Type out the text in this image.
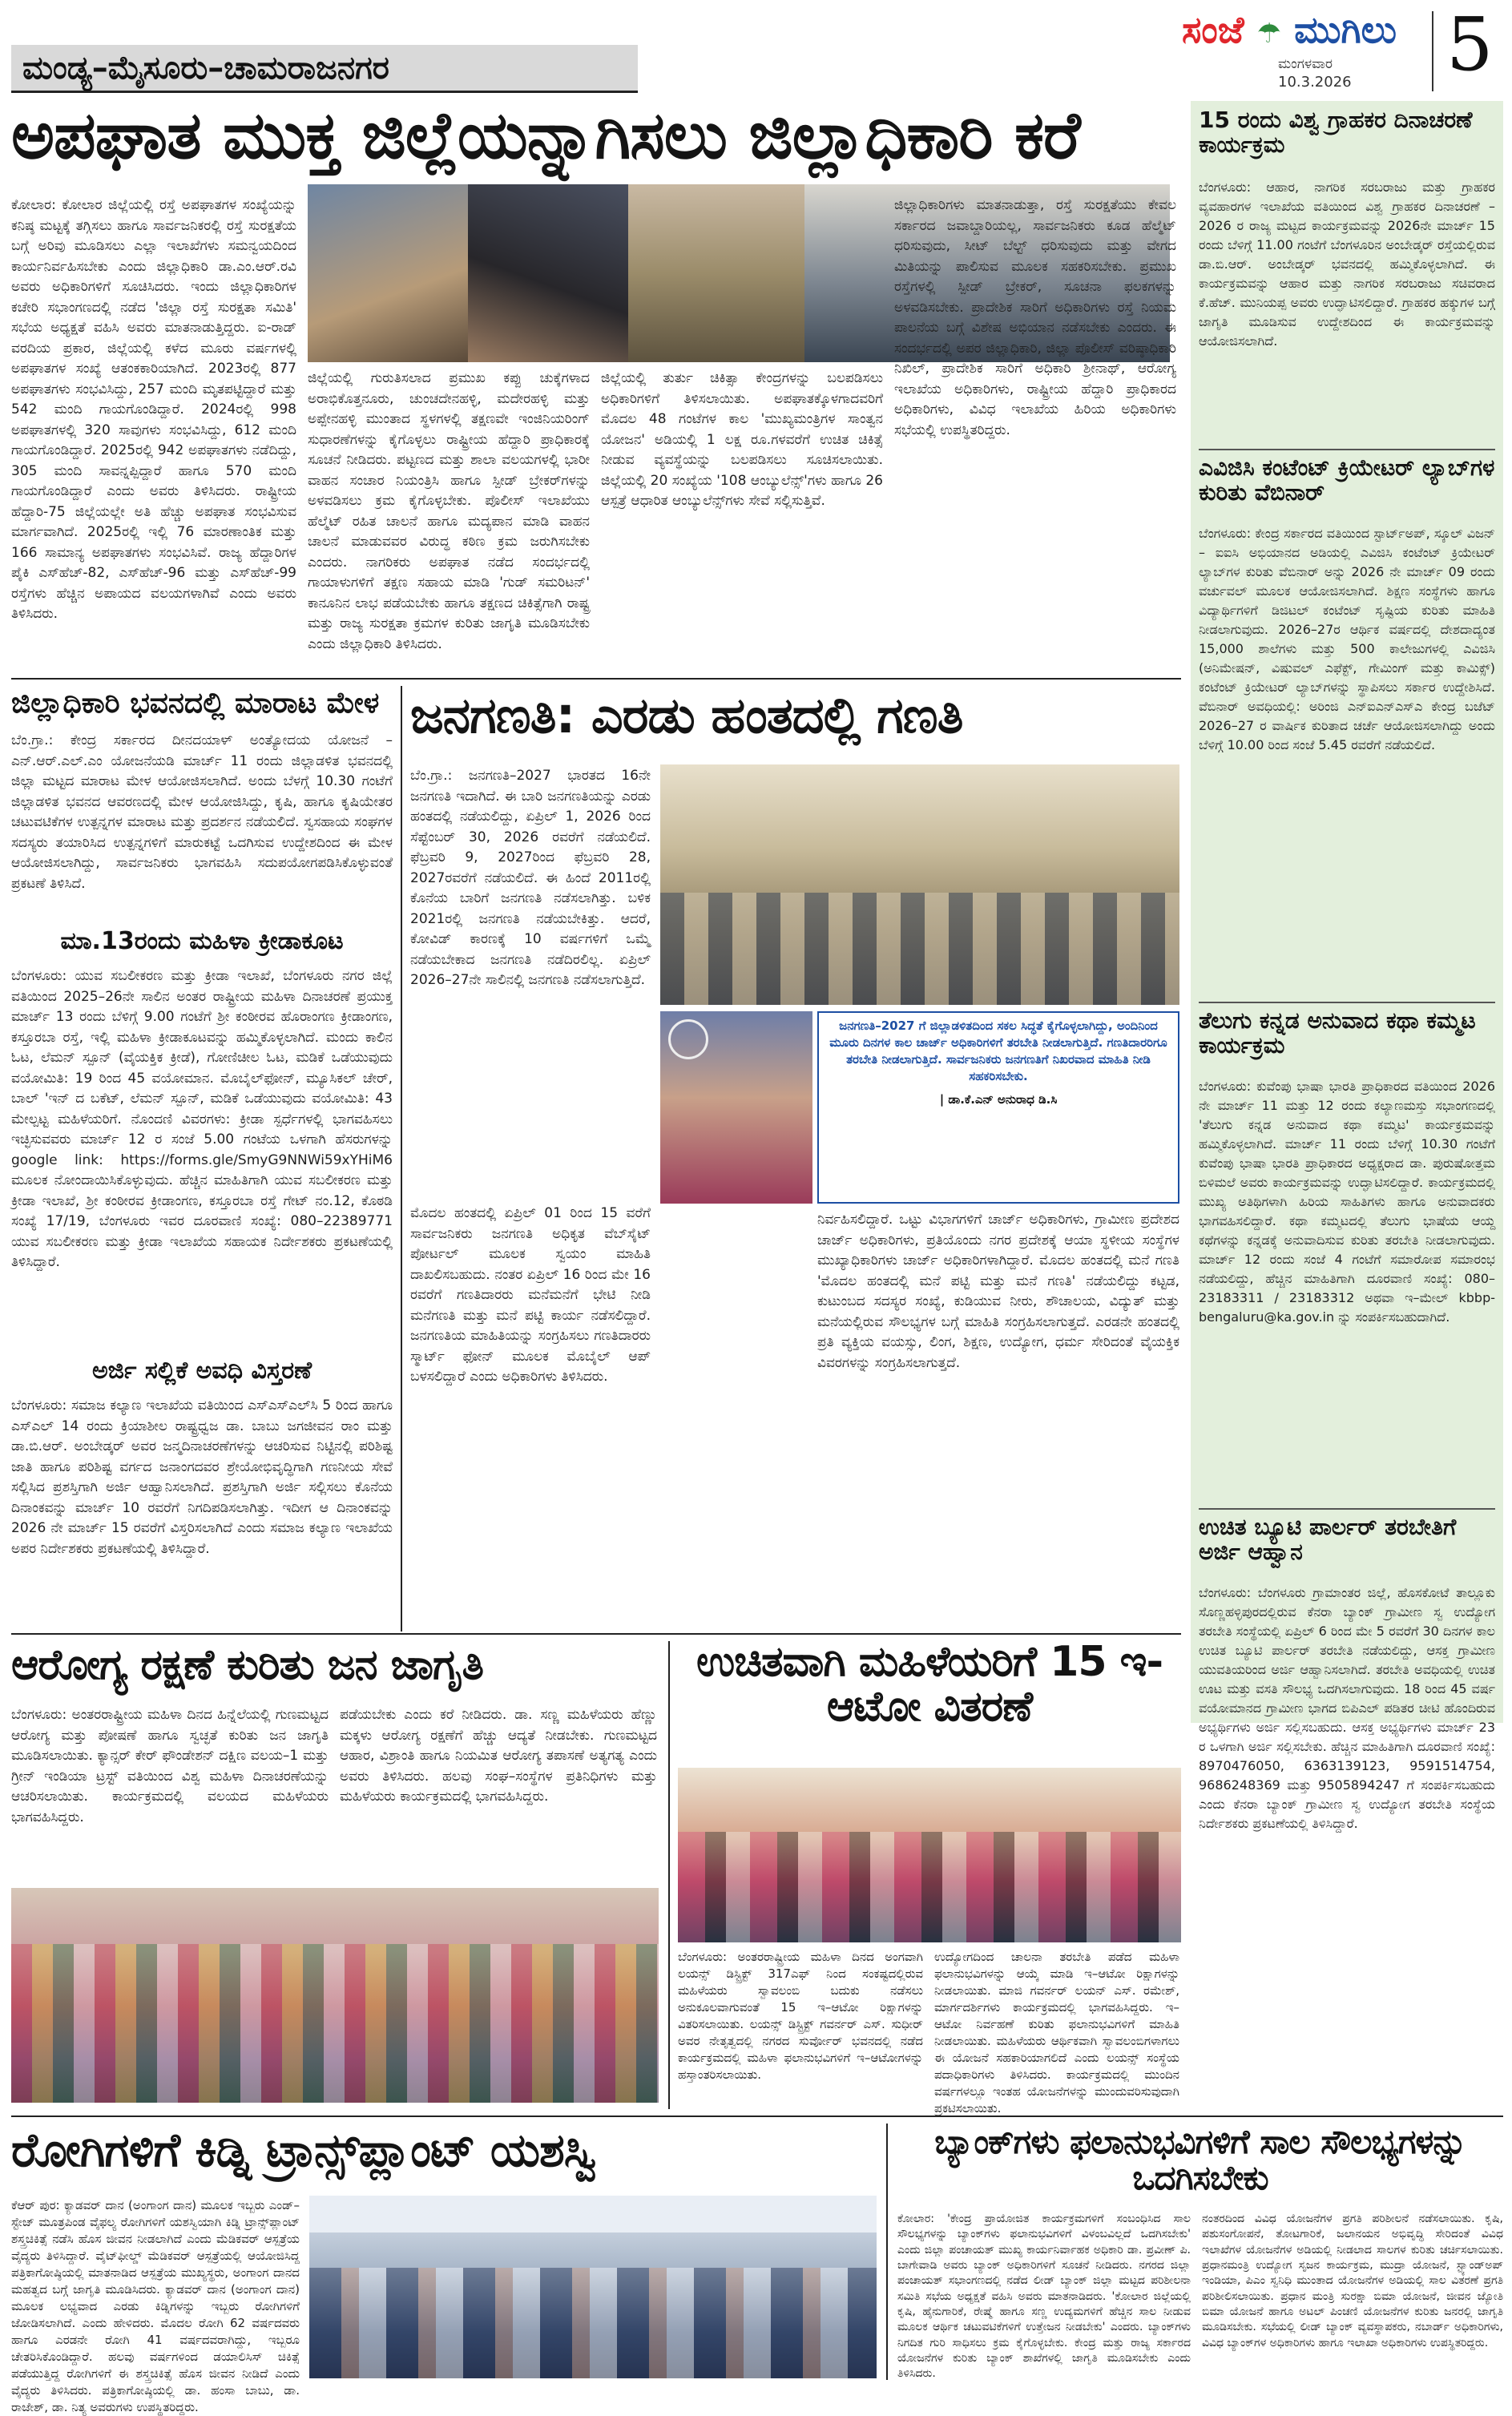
ಮಂಡ್ಯ–ಮೈಸೂರು–ಚಾಮರಾಜನಗರ
ಸಂಜೆ ☂ ಮುಗಿಲು
ಮಂಗಳವಾರ
10.3.2026 5
ಅಪಘಾತ ಮುಕ್ತ ಜಿಲ್ಲೆಯನ್ನಾಗಿಸಲು ಜಿಲ್ಲಾಧಿಕಾರಿ ಕರೆ
ಕೋಲಾರ: ಕೋಲಾರ ಜಿಲ್ಲೆಯಲ್ಲಿ ರಸ್ತೆ ಅಪಘಾತಗಳ ಸಂಖ್ಯೆಯನ್ನು ಕನಿಷ್ಠ ಮಟ್ಟಕ್ಕೆ ತಗ್ಗಿಸಲು ಹಾಗೂ ಸಾರ್ವಜನಿಕರಲ್ಲಿ ರಸ್ತೆ ಸುರಕ್ಷತೆಯ ಬಗ್ಗೆ ಅರಿವು ಮೂಡಿಸಲು ಎಲ್ಲಾ ಇಲಾಖೆಗಳು ಸಮನ್ವಯದಿಂದ ಕಾರ್ಯನಿರ್ವಹಿಸಬೇಕು ಎಂದು ಜಿಲ್ಲಾಧಿಕಾರಿ ಡಾ.ಎಂ.ಆರ್.ರವಿ ಅವರು ಅಧಿಕಾರಿಗಳಿಗೆ ಸೂಚಿಸಿದರು. ಇಂದು ಜಿಲ್ಲಾಧಿಕಾರಿಗಳ ಕಚೇರಿ ಸಭಾಂಗಣದಲ್ಲಿ ನಡೆದ 'ಜಿಲ್ಲಾ ರಸ್ತೆ ಸುರಕ್ಷತಾ ಸಮಿತಿ' ಸಭೆಯ ಅಧ್ಯಕ್ಷತೆ ವಹಿಸಿ ಅವರು ಮಾತನಾಡುತ್ತಿದ್ದರು. ಐ-ರಾಡ್ ವರದಿಯ ಪ್ರಕಾರ, ಜಿಲ್ಲೆಯಲ್ಲಿ ಕಳೆದ ಮೂರು ವರ್ಷಗಳಲ್ಲಿ ಅಪಘಾತಗಳ ಸಂಖ್ಯೆ ಆತಂಕಕಾರಿಯಾಗಿದೆ. 2023ರಲ್ಲಿ 877 ಅಪಘಾತಗಳು ಸಂಭವಿಸಿದ್ದು, 257 ಮಂದಿ ಮೃತಪಟ್ಟಿದ್ದಾರೆ ಮತ್ತು 542 ಮಂದಿ ಗಾಯಗೊಂಡಿದ್ದಾರೆ. 2024ರಲ್ಲಿ 998 ಅಪಘಾತಗಳಲ್ಲಿ 320 ಸಾವುಗಳು ಸಂಭವಿಸಿದ್ದು, 612 ಮಂದಿ ಗಾಯಗೊಂಡಿದ್ದಾರೆ. 2025ರಲ್ಲಿ 942 ಅಪಘಾತಗಳು ನಡೆದಿದ್ದು, 305 ಮಂದಿ ಸಾವನ್ನಪ್ಪಿದ್ದಾರೆ ಹಾಗೂ 570 ಮಂದಿ ಗಾಯಗೊಂಡಿದ್ದಾರೆ ಎಂದು ಅವರು ತಿಳಿಸಿದರು. ರಾಷ್ಟ್ರೀಯ ಹೆದ್ದಾರಿ-75 ಜಿಲ್ಲೆಯಲ್ಲೇ ಅತಿ ಹೆಚ್ಚು ಅಪಘಾತ ಸಂಭವಿಸುವ ಮಾರ್ಗವಾಗಿದೆ. 2025ರಲ್ಲಿ ಇಲ್ಲಿ 76 ಮಾರಣಾಂತಿಕ ಮತ್ತು 166 ಸಾಮಾನ್ಯ ಅಪಘಾತಗಳು ಸಂಭವಿಸಿವೆ. ರಾಜ್ಯ ಹೆದ್ದಾರಿಗಳ ಪೈಕಿ ಎಸ್‌ಹೆಚ್-82, ಎಸ್‌ಹೆಚ್-96 ಮತ್ತು ಎಸ್‌ಹೆಚ್-99 ರಸ್ತೆಗಳು ಹೆಚ್ಚಿನ ಅಪಾಯದ ವಲಯಗಳಾಗಿವೆ ಎಂದು ಅವರು ತಿಳಿಸಿದರು.
ಜಿಲ್ಲೆಯಲ್ಲಿ ಗುರುತಿಸಲಾದ ಪ್ರಮುಖ ಕಪ್ಪು ಚುಕ್ಕೆಗಳಾದ ಅರಾಭಿಕೊತ್ತನೂರು, ಚುಂಚದೇನಹಳ್ಳಿ, ಮದೇರಹಳ್ಳಿ ಮತ್ತು ಅಪ್ಪೇನಹಳ್ಳಿ ಮುಂತಾದ ಸ್ಥಳಗಳಲ್ಲಿ ತಕ್ಷಣವೇ ಇಂಜಿನಿಯರಿಂಗ್ ಸುಧಾರಣೆಗಳನ್ನು ಕೈಗೊಳ್ಳಲು ರಾಷ್ಟ್ರೀಯ ಹೆದ್ದಾರಿ ಪ್ರಾಧಿಕಾರಕ್ಕೆ ಸೂಚನೆ ನೀಡಿದರು. ಪಟ್ಟಣದ ಮತ್ತು ಶಾಲಾ ವಲಯಗಳಲ್ಲಿ ಭಾರೀ ವಾಹನ ಸಂಚಾರ ನಿಯಂತ್ರಿಸಿ ಹಾಗೂ ಸ್ಪೀಡ್ ಬ್ರೇಕರ್‌ಗಳನ್ನು ಅಳವಡಿಸಲು ಕ್ರಮ ಕೈಗೊಳ್ಳಬೇಕು. ಪೊಲೀಸ್ ಇಲಾಖೆಯು ಹೆಲ್ಮೆಟ್ ರಹಿತ ಚಾಲನೆ ಹಾಗೂ ಮದ್ಯಪಾನ ಮಾಡಿ ವಾಹನ ಚಾಲನೆ ಮಾಡುವವರ ವಿರುದ್ಧ ಕಠಿಣ ಕ್ರಮ ಜರುಗಿಸಬೇಕು ಎಂದರು. ನಾಗರಿಕರು ಅಪಘಾತ ನಡೆದ ಸಂದರ್ಭದಲ್ಲಿ ಗಾಯಾಳುಗಳಿಗೆ ತಕ್ಷಣ ಸಹಾಯ ಮಾಡಿ 'ಗುಡ್ ಸಮರಿಟನ್' ಕಾನೂನಿನ ಲಾಭ ಪಡೆಯಬೇಕು ಹಾಗೂ ತಕ್ಷಣದ ಚಿಕಿತ್ಸೆಗಾಗಿ ರಾಷ್ಟ್ರ ಮತ್ತು ರಾಜ್ಯ ಸುರಕ್ಷತಾ ಕ್ರಮಗಳ ಕುರಿತು ಜಾಗೃತಿ ಮೂಡಿಸಬೇಕು ಎಂದು ಜಿಲ್ಲಾಧಿಕಾರಿ ತಿಳಿಸಿದರು.
ಜಿಲ್ಲೆಯಲ್ಲಿ ತುರ್ತು ಚಿಕಿತ್ಸಾ ಕೇಂದ್ರಗಳನ್ನು ಬಲಪಡಿಸಲು ಅಧಿಕಾರಿಗಳಿಗೆ ತಿಳಿಸಲಾಯಿತು. ಅಪಘಾತಕ್ಕೊಳಗಾದವರಿಗೆ ಮೊದಲ 48 ಗಂಟೆಗಳ ಕಾಲ 'ಮುಖ್ಯಮಂತ್ರಿಗಳ ಸಾಂತ್ವನ ಯೋಜನ' ಅಡಿಯಲ್ಲಿ 1 ಲಕ್ಷ ರೂ.ಗಳವರೆಗೆ ಉಚಿತ ಚಿಕಿತ್ಸೆ ನೀಡುವ ವ್ಯವಸ್ಥೆಯನ್ನು ಬಲಪಡಿಸಲು ಸೂಚಿಸಲಾಯಿತು. ಜಿಲ್ಲೆಯಲ್ಲಿ 20 ಸಂಖ್ಯೆಯ '108 ಆಂಬ್ಯುಲೆನ್ಸ್'ಗಳು ಹಾಗೂ 26 ಆಸ್ಪತ್ರೆ ಆಧಾರಿತ ಆಂಬ್ಯುಲೆನ್ಸ್‌ಗಳು ಸೇವೆ ಸಲ್ಲಿಸುತ್ತಿವೆ.
ಜಿಲ್ಲಾಧಿಕಾರಿಗಳು ಮಾತನಾಡುತ್ತಾ, ರಸ್ತೆ ಸುರಕ್ಷತೆಯು ಕೇವಲ ಸರ್ಕಾರದ ಜವಾಬ್ದಾರಿಯಲ್ಲ, ಸಾರ್ವಜನಿಕರು ಕೂಡ ಹೆಲ್ಮೆಟ್ ಧರಿಸುವುದು, ಸೀಟ್ ಬೆಲ್ಟ್ ಧರಿಸುವುದು ಮತ್ತು ವೇಗದ ಮಿತಿಯನ್ನು ಪಾಲಿಸುವ ಮೂಲಕ ಸಹಕರಿಸಬೇಕು. ಪ್ರಮುಖ ರಸ್ತೆಗಳಲ್ಲಿ ಸ್ಪೀಡ್ ಬ್ರೇಕರ್, ಸೂಚನಾ ಫಲಕಗಳನ್ನು ಅಳವಡಿಸಬೇಕು. ಪ್ರಾದೇಶಿಕ ಸಾರಿಗೆ ಅಧಿಕಾರಿಗಳು ರಸ್ತೆ ನಿಯಮ ಪಾಲನೆಯ ಬಗ್ಗೆ ವಿಶೇಷ ಅಭಿಯಾನ ನಡೆಸಬೇಕು ಎಂದರು. ಈ ಸಂದರ್ಭದಲ್ಲಿ ಅಪರ ಜಿಲ್ಲಾಧಿಕಾರಿ, ಜಿಲ್ಲಾ ಪೊಲೀಸ್ ವರಿಷ್ಠಾಧಿಕಾರಿ ನಿಖಿಲ್, ಪ್ರಾದೇಶಿಕ ಸಾರಿಗೆ ಅಧಿಕಾರಿ ಶ್ರೀನಾಥ್, ಆರೋಗ್ಯ ಇಲಾಖೆಯ ಅಧಿಕಾರಿಗಳು, ರಾಷ್ಟ್ರೀಯ ಹೆದ್ದಾರಿ ಪ್ರಾಧಿಕಾರದ ಅಧಿಕಾರಿಗಳು, ವಿವಿಧ ಇಲಾಖೆಯ ಹಿರಿಯ ಅಧಿಕಾರಿಗಳು ಸಭೆಯಲ್ಲಿ ಉಪಸ್ಥಿತರಿದ್ದರು.
ಜಿಲ್ಲಾಧಿಕಾರಿ ಭವನದಲ್ಲಿ ಮಾರಾಟ ಮೇಳ
ಬೆಂ.ಗ್ರಾ.: ಕೇಂದ್ರ ಸರ್ಕಾರದ ದೀನದಯಾಳ್ ಅಂತ್ಯೋದಯ ಯೋಜನೆ – ಎನ್.ಆರ್.ಎಲ್.ಎಂ ಯೋಜನೆಯಡಿ ಮಾರ್ಚ್ 11 ರಂದು ಜಿಲ್ಲಾಡಳಿತ ಭವನದಲ್ಲಿ ಜಿಲ್ಲಾ ಮಟ್ಟದ ಮಾರಾಟ ಮೇಳ ಆಯೋಜಿಸಲಾಗಿದೆ. ಅಂದು ಬೆಳಗ್ಗೆ 10.30 ಗಂಟೆಗೆ ಜಿಲ್ಲಾಡಳಿತ ಭವನದ ಆವರಣದಲ್ಲಿ ಮೇಳ ಆಯೋಜಿಸಿದ್ದು, ಕೃಷಿ, ಹಾಗೂ ಕೃಷಿಯೇತರ ಚಟುವಟಿಕೆಗಳ ಉತ್ಪನ್ನಗಳ ಮಾರಾಟ ಮತ್ತು ಪ್ರದರ್ಶನ ನಡೆಯಲಿದೆ. ಸ್ವಸಹಾಯ ಸಂಘಗಳ ಸದಸ್ಯರು ತಯಾರಿಸಿದ ಉತ್ಪನ್ನಗಳಿಗೆ ಮಾರುಕಟ್ಟೆ ಒದಗಿಸುವ ಉದ್ದೇಶದಿಂದ ಈ ಮೇಳ ಆಯೋಜಿಸಲಾಗಿದ್ದು, ಸಾರ್ವಜನಿಕರು ಭಾಗವಹಿಸಿ ಸದುಪಯೋಗಪಡಿಸಿಕೊಳ್ಳುವಂತೆ ಪ್ರಕಟಣೆ ತಿಳಿಸಿದೆ.
ಮಾ.13ರಂದು ಮಹಿಳಾ ಕ್ರೀಡಾಕೂಟ
ಬೆಂಗಳೂರು: ಯುವ ಸಬಲೀಕರಣ ಮತ್ತು ಕ್ರೀಡಾ ಇಲಾಖೆ, ಬೆಂಗಳೂರು ನಗರ ಜಿಲ್ಲೆ ವತಿಯಿಂದ 2025–26ನೇ ಸಾಲಿನ ಅಂತರ ರಾಷ್ಟ್ರೀಯ ಮಹಿಳಾ ದಿನಾಚರಣೆ ಪ್ರಯುಕ್ತ ಮಾರ್ಚ್ 13 ರಂದು ಬೆಳಿಗ್ಗೆ 9.00 ಗಂಟೆಗೆ ಶ್ರೀ ಕಂಠೀರವ ಹೊರಾಂಗಣ ಕ್ರೀಡಾಂಗಣ, ಕಸ್ತೂರಬಾ ರಸ್ತೆ, ಇಲ್ಲಿ ಮಹಿಳಾ ಕ್ರೀಡಾಕೂಟವನ್ನು ಹಮ್ಮಿಕೊಳ್ಳಲಾಗಿದೆ. ಮಂದು ಕಾಲಿನ ಓಟ, ಲೆಮನ್ ಸ್ಪೂನ್ (ವೈಯಕ್ತಿಕ ಕ್ರೀಡೆ), ಗೋಣಿಚೀಲ ಓಟ, ಮಡಿಕೆ ಒಡೆಯುವುದು ವಯೋಮಿತಿ: 19 ರಿಂದ 45 ವಯೋಮಾನ. ಮೊಬೈಲ್‌ಫೋನ್, ಮ್ಯೂಸಿಕಲ್ ಚೇರ್, ಬಾಲ್ 'ಇನ್ ದ ಬಕೆಟ್, ಲೆಮನ್ ಸ್ಪೂನ್, ಮಡಿಕೆ ಒಡೆಯುವುದು ವಯೋಮಿತಿ: 43 ಮೇಲ್ಪಟ್ಟ ಮಹಿಳೆಯರಿಗೆ. ನೊಂದಣಿ ವಿವರಗಳು: ಕ್ರೀಡಾ ಸ್ಪರ್ಧೆಗಳಲ್ಲಿ ಭಾಗವಹಿಸಲು ಇಚ್ಛಿಸುವವರು ಮಾರ್ಚ್ 12 ರ ಸಂಜೆ 5.00 ಗಂಟೆಯ ಒಳಗಾಗಿ ಹೆಸರುಗಳನ್ನು google link: https://forms.gle/SmyG9NNWi59xYHiM6 ಮೂಲಕ ನೋಂದಾಯಿಸಿಕೊಳ್ಳುವುದು. ಹೆಚ್ಚಿನ ಮಾಹಿತಿಗಾಗಿ ಯುವ ಸಬಲೀಕರಣ ಮತ್ತು ಕ್ರೀಡಾ ಇಲಾಖೆ, ಶ್ರೀ ಕಂಠೀರವ ಕ್ರೀಡಾಂಗಣ, ಕಸ್ತೂರಬಾ ರಸ್ತೆ ಗೇಟ್ ನಂ.12, ಕೊಠಡಿ ಸಂಖ್ಯೆ 17/19, ಬೆಂಗಳೂರು ಇವರ ದೂರವಾಣಿ ಸಂಖ್ಯೆ: 080–22389771 ಯುವ ಸಬಲೀಕರಣ ಮತ್ತು ಕ್ರೀಡಾ ಇಲಾಖೆಯ ಸಹಾಯಕ ನಿರ್ದೇಶಕರು ಪ್ರಕಟಣೆಯಲ್ಲಿ ತಿಳಿಸಿದ್ದಾರೆ.
ಅರ್ಜಿ ಸಲ್ಲಿಕೆ ಅವಧಿ ವಿಸ್ತರಣೆ
ಬೆಂಗಳೂರು: ಸಮಾಜ ಕಲ್ಯಾಣ ಇಲಾಖೆಯ ವತಿಯಿಂದ ಎಸ್‌ಎಸ್‌ಎಲ್‌ಸಿ 5 ರಿಂದ ಹಾಗೂ ಎಸ್‌ಎಲ್ 14 ರಂದು ಕ್ರಿಯಾಶೀಲ ರಾಷ್ಟ್ರಧ್ವಜ ಡಾ. ಬಾಬು ಜಗಜೀವನ ರಾಂ ಮತ್ತು ಡಾ.ಬಿ.ಆರ್. ಅಂಬೇಡ್ಕರ್ ಅವರ ಜನ್ಮದಿನಾಚರಣೆಗಳನ್ನು ಆಚರಿಸುವ ನಿಟ್ಟಿನಲ್ಲಿ ಪರಿಶಿಷ್ಟ ಜಾತಿ ಹಾಗೂ ಪರಿಶಿಷ್ಟ ವರ್ಗದ ಜನಾಂಗದವರ ಶ್ರೇಯೋಭಿವೃದ್ಧಿಗಾಗಿ ಗಣನೀಯ ಸೇವೆ ಸಲ್ಲಿಸಿದ ಪ್ರಶಸ್ತಿಗಾಗಿ ಅರ್ಜಿ ಆಹ್ವಾನಿಸಲಾಗಿದೆ. ಪ್ರಶಸ್ತಿಗಾಗಿ ಅರ್ಜಿ ಸಲ್ಲಿಸಲು ಕೊನೆಯ ದಿನಾಂಕವನ್ನು ಮಾರ್ಚ್ 10 ರವರೆಗೆ ನಿಗದಿಪಡಿಸಲಾಗಿತ್ತು. ಇದೀಗ ಆ ದಿನಾಂಕವನ್ನು 2026 ನೇ ಮಾರ್ಚ್ 15 ರವರೆಗೆ ವಿಸ್ತರಿಸಲಾಗಿದೆ ಎಂದು ಸಮಾಜ ಕಲ್ಯಾಣ ಇಲಾಖೆಯ ಅಪರ ನಿರ್ದೇಶಕರು ಪ್ರಕಟಣೆಯಲ್ಲಿ ತಿಳಿಸಿದ್ದಾರೆ.
ಜನಗಣತಿ: ಎರಡು ಹಂತದಲ್ಲಿ ಗಣತಿ
ಬೆಂ.ಗ್ರಾ.: ಜನಗಣತಿ–2027 ಭಾರತದ 16ನೇ ಜನಗಣತಿ ಇದಾಗಿದೆ. ಈ ಬಾರಿ ಜನಗಣತಿಯನ್ನು ಎರಡು ಹಂತದಲ್ಲಿ ನಡೆಯಲಿದ್ದು, ಏಪ್ರಿಲ್ 1, 2026 ರಿಂದ ಸೆಪ್ಟೆಂಬರ್ 30, 2026 ರವರೆಗೆ ನಡೆಯಲಿದೆ. ಫೆಬ್ರವರಿ 9, 2027ರಿಂದ ಫೆಬ್ರವರಿ 28, 2027ರವರೆಗೆ ನಡೆಯಲಿದೆ. ಈ ಹಿಂದೆ 2011ರಲ್ಲಿ ಕೊನೆಯ ಬಾರಿಗೆ ಜನಗಣತಿ ನಡೆಸಲಾಗಿತ್ತು. ಬಳಿಕ 2021ರಲ್ಲಿ ಜನಗಣತಿ ನಡೆಯಬೇಕಿತ್ತು. ಆದರೆ, ಕೋವಿಡ್ ಕಾರಣಕ್ಕೆ 10 ವರ್ಷಗಳಿಗೆ ಒಮ್ಮೆ ನಡೆಯಬೇಕಾದ ಜನಗಣತಿ ನಡೆದಿರಲಿಲ್ಲ. ಏಪ್ರಿಲ್ 2026–27ನೇ ಸಾಲಿನಲ್ಲಿ ಜನಗಣತಿ ನಡೆಸಲಾಗುತ್ತಿದೆ.
ಮೊದಲ ಹಂತದಲ್ಲಿ ಏಪ್ರಿಲ್ 01 ರಿಂದ 15 ವರೆಗೆ ಸಾರ್ವಜನಿಕರು ಜನಗಣತಿ ಅಧಿಕೃತ ವೆಬ್‌ಸೈಟ್ ಪೋರ್ಟಲ್ ಮೂಲಕ ಸ್ವಯಂ ಮಾಹಿತಿ ದಾಖಲಿಸಬಹುದು. ನಂತರ ಏಪ್ರಿಲ್ 16 ರಿಂದ ಮೇ 16 ರವರೆಗೆ ಗಣತಿದಾರರು ಮನೆಮನೆಗೆ ಭೇಟಿ ನೀಡಿ ಮನೆಗಣತಿ ಮತ್ತು ಮನೆ ಪಟ್ಟಿ ಕಾರ್ಯ ನಡೆಸಲಿದ್ದಾರೆ. ಜನಗಣತಿಯ ಮಾಹಿತಿಯನ್ನು ಸಂಗ್ರಹಿಸಲು ಗಣತಿದಾರರು ಸ್ಮಾರ್ಟ್ ಫೋನ್ ಮೂಲಕ ಮೊಬೈಲ್ ಆಪ್ ಬಳಸಲಿದ್ದಾರೆ ಎಂದು ಅಧಿಕಾರಿಗಳು ತಿಳಿಸಿದರು.
ಜನಗಣತಿ–2027 ಗೆ ಜಿಲ್ಲಾಡಳಿತದಿಂದ ಸಕಲ ಸಿದ್ಧತೆ ಕೈಗೊಳ್ಳಲಾಗಿದ್ದು, ಅಂದಿನಿಂದ ಮೂರು ದಿನಗಳ ಕಾಲ ಚಾರ್ಜ್ ಅಧಿಕಾರಿಗಳಿಗೆ ತರಬೇತಿ ನೀಡಲಾಗುತ್ತಿದೆ. ಗಣತಿದಾರರಿಗೂ ತರಬೇತಿ ನೀಡಲಾಗುತ್ತಿದೆ. ಸಾರ್ವಜನಿಕರು ಜನಗಣತಿಗೆ ನಿಖರವಾದ ಮಾಹಿತಿ ನೀಡಿ ಸಹಕರಿಸಬೇಕು.
| ಡಾ.ಕೆ.ಎನ್ ಅನುರಾಧ ಡಿ.ಸಿ
ನಿರ್ವಹಿಸಲಿದ್ದಾರೆ. ಒಟ್ಟು ವಿಭಾಗಗಳಿಗೆ ಚಾರ್ಜ್ ಅಧಿಕಾರಿಗಳು, ಗ್ರಾಮೀಣ ಪ್ರದೇಶದ ಚಾರ್ಜ್ ಅಧಿಕಾರಿಗಳು, ಪ್ರತಿಯೊಂದು ನಗರ ಪ್ರದೇಶಕ್ಕೆ ಆಯಾ ಸ್ಥಳೀಯ ಸಂಸ್ಥೆಗಳ ಮುಖ್ಯಾಧಿಕಾರಿಗಳು ಚಾರ್ಜ್ ಅಧಿಕಾರಿಗಳಾಗಿದ್ದಾರೆ. ಮೊದಲ ಹಂತದಲ್ಲಿ ಮನೆ ಗಣತಿ 'ಮೊದಲ ಹಂತದಲ್ಲಿ ಮನೆ ಪಟ್ಟಿ ಮತ್ತು ಮನೆ ಗಣತಿ' ನಡೆಯಲಿದ್ದು ಕಟ್ಟಡ, ಕುಟುಂಬದ ಸದಸ್ಯರ ಸಂಖ್ಯೆ, ಕುಡಿಯುವ ನೀರು, ಶೌಚಾಲಯ, ವಿದ್ಯುತ್ ಮತ್ತು ಮನೆಯಲ್ಲಿರುವ ಸೌಲಭ್ಯಗಳ ಬಗ್ಗೆ ಮಾಹಿತಿ ಸಂಗ್ರಹಿಸಲಾಗುತ್ತದೆ. ಎರಡನೇ ಹಂತದಲ್ಲಿ ಪ್ರತಿ ವ್ಯಕ್ತಿಯ ವಯಸ್ಸು, ಲಿಂಗ, ಶಿಕ್ಷಣ, ಉದ್ಯೋಗ, ಧರ್ಮ ಸೇರಿದಂತೆ ವೈಯಕ್ತಿಕ ವಿವರಗಳನ್ನು ಸಂಗ್ರಹಿಸಲಾಗುತ್ತದೆ.
15 ರಂದು ವಿಶ್ವ ಗ್ರಾಹಕರ ದಿನಾಚರಣೆ ಕಾರ್ಯಕ್ರಮ
ಬೆಂಗಳೂರು: ಆಹಾರ, ನಾಗರಿಕ ಸರಬರಾಜು ಮತ್ತು ಗ್ರಾಹಕರ ವ್ಯವಹಾರಗಳ ಇಲಾಖೆಯ ವತಿಯಿಂದ ವಿಶ್ವ ಗ್ರಾಹಕರ ದಿನಾಚರಣೆ – 2026 ರ ರಾಜ್ಯ ಮಟ್ಟದ ಕಾರ್ಯಕ್ರಮವನ್ನು 2026ನೇ ಮಾರ್ಚ್ 15 ರಂದು ಬೆಳಿಗ್ಗೆ 11.00 ಗಂಟೆಗೆ ಬೆಂಗಳೂರಿನ ಅಂಬೇಡ್ಕರ್ ರಸ್ತೆಯಲ್ಲಿರುವ ಡಾ.ಬಿ.ಆರ್. ಅಂಬೇಡ್ಕರ್ ಭವನದಲ್ಲಿ ಹಮ್ಮಿಕೊಳ್ಳಲಾಗಿದೆ. ಈ ಕಾರ್ಯಕ್ರಮವನ್ನು ಆಹಾರ ಮತ್ತು ನಾಗರಿಕ ಸರಬರಾಜು ಸಚಿವರಾದ ಕೆ.ಹೆಚ್. ಮುನಿಯಪ್ಪ ಅವರು ಉದ್ಘಾಟಿಸಲಿದ್ದಾರೆ. ಗ್ರಾಹಕರ ಹಕ್ಕುಗಳ ಬಗ್ಗೆ ಜಾಗೃತಿ ಮೂಡಿಸುವ ಉದ್ದೇಶದಿಂದ ಈ ಕಾರ್ಯಕ್ರಮವನ್ನು ಆಯೋಜಿಸಲಾಗಿದೆ.
ಎವಿಜಿಸಿ ಕಂಟೆಂಟ್ ಕ್ರಿಯೇಟರ್ ಲ್ಯಾಬ್‌ಗಳ ಕುರಿತು ವೆಬಿನಾರ್
ಬೆಂಗಳೂರು: ಕೇಂದ್ರ ಸರ್ಕಾರದ ವತಿಯಿಂದ ಸ್ಟಾರ್ಟ್‌ಅಪ್, ಸ್ಕೂಲ್ ವಿಜನ್ – ಐಐಸಿ ಅಭಿಯಾನದ ಅಡಿಯಲ್ಲಿ ಎವಿಜಿಸಿ ಕಂಟೆಂಟ್ ಕ್ರಿಯೇಟರ್ ಲ್ಯಾಬ್‌ಗಳ ಕುರಿತು ವೆಬಿನಾರ್ ಅನ್ನು 2026 ನೇ ಮಾರ್ಚ್ 09 ರಂದು ವರ್ಚುವಲ್ ಮೂಲಕ ಆಯೋಜಿಸಲಾಗಿದೆ. ಶಿಕ್ಷಣ ಸಂಸ್ಥೆಗಳು ಹಾಗೂ ವಿದ್ಯಾರ್ಥಿಗಳಿಗೆ ಡಿಜಿಟಲ್ ಕಂಟೆಂಟ್ ಸೃಷ್ಟಿಯ ಕುರಿತು ಮಾಹಿತಿ ನೀಡಲಾಗುವುದು. 2026–27ರ ಆರ್ಥಿಕ ವರ್ಷದಲ್ಲಿ ದೇಶದಾದ್ಯಂತ 15,000 ಶಾಲೆಗಳು ಮತ್ತು 500 ಕಾಲೇಜುಗಳಲ್ಲಿ ಎವಿಜಿಸಿ (ಅನಿಮೇಷನ್, ವಿಷುವಲ್ ಎಫೆಕ್ಟ್, ಗೇಮಿಂಗ್ ಮತ್ತು ಕಾಮಿಕ್ಸ್) ಕಂಟೆಂಟ್ ಕ್ರಿಯೇಟರ್ ಲ್ಯಾಬ್‌ಗಳನ್ನು ಸ್ಥಾಪಿಸಲು ಸರ್ಕಾರ ಉದ್ದೇಶಿಸಿದೆ. ವೆಬಿನಾರ್ ಅವಧಿಯಲ್ಲಿ: ಅರಿಂಜಿ ಎನ್‌ಐಎನ್‌ಎಸ್‌ಎ ಕೇಂದ್ರ ಬಜೆಟ್ 2026–27 ರ ವಾರ್ಷಿಕ ಕುರಿತಾದ ಚರ್ಚೆ ಆಯೋಜಿಸಲಾಗಿದ್ದು ಅಂದು ಬೆಳಿಗ್ಗೆ 10.00 ರಿಂದ ಸಂಜೆ 5.45 ರವರೆಗೆ ನಡೆಯಲಿದೆ.
ತೆಲುಗು ಕನ್ನಡ ಅನುವಾದ ಕಥಾ ಕಮ್ಮಟ ಕಾರ್ಯಕ್ರಮ
ಬೆಂಗಳೂರು: ಕುವೆಂಪು ಭಾಷಾ ಭಾರತಿ ಪ್ರಾಧಿಕಾರದ ವತಿಯಿಂದ 2026 ನೇ ಮಾರ್ಚ್ 11 ಮತ್ತು 12 ರಂದು ಕಲ್ಯಾಣಮಸ್ತು ಸಭಾಂಗಣದಲ್ಲಿ 'ತೆಲುಗು ಕನ್ನಡ ಅನುವಾದ ಕಥಾ ಕಮ್ಮಟ' ಕಾರ್ಯಕ್ರಮವನ್ನು ಹಮ್ಮಿಕೊಳ್ಳಲಾಗಿದೆ. ಮಾರ್ಚ್ 11 ರಂದು ಬೆಳಿಗ್ಗೆ 10.30 ಗಂಟೆಗೆ ಕುವೆಂಪು ಭಾಷಾ ಭಾರತಿ ಪ್ರಾಧಿಕಾರದ ಅಧ್ಯಕ್ಷರಾದ ಡಾ. ಪುರುಷೋತ್ತಮ ಬಿಳಿಮಲೆ ಅವರು ಕಾರ್ಯಕ್ರಮವನ್ನು ಉದ್ಘಾಟಿಸಲಿದ್ದಾರೆ. ಕಾರ್ಯಕ್ರಮದಲ್ಲಿ ಮುಖ್ಯ ಅತಿಥಿಗಳಾಗಿ ಹಿರಿಯ ಸಾಹಿತಿಗಳು ಹಾಗೂ ಅನುವಾದಕರು ಭಾಗವಹಿಸಲಿದ್ದಾರೆ. ಕಥಾ ಕಮ್ಮಟದಲ್ಲಿ ತೆಲುಗು ಭಾಷೆಯ ಆಯ್ದ ಕಥೆಗಳನ್ನು ಕನ್ನಡಕ್ಕೆ ಅನುವಾದಿಸುವ ಕುರಿತು ತರಬೇತಿ ನೀಡಲಾಗುವುದು. ಮಾರ್ಚ್ 12 ರಂದು ಸಂಜೆ 4 ಗಂಟೆಗೆ ಸಮಾರೋಪ ಸಮಾರಂಭ ನಡೆಯಲಿದ್ದು, ಹೆಚ್ಚಿನ ಮಾಹಿತಿಗಾಗಿ ದೂರವಾಣಿ ಸಂಖ್ಯೆ: 080–23183311 / 23183312 ಅಥವಾ ಇ–ಮೇಲ್ kbbp-bengaluru@ka.gov.in ನ್ನು ಸಂಪರ್ಕಿಸಬಹುದಾಗಿದೆ.
ಉಚಿತ ಬ್ಯೂಟಿ ಪಾರ್ಲರ್ ತರಬೇತಿಗೆ ಅರ್ಜಿ ಆಹ್ವಾನ
ಬೆಂಗಳೂರು: ಬೆಂಗಳೂರು ಗ್ರಾಮಾಂತರ ಜಿಲ್ಲೆ, ಹೊಸಕೋಟೆ ತಾಲ್ಲೂಕು ಸೊಣ್ಣಹಳ್ಳಿಪುರದಲ್ಲಿರುವ ಕೆನರಾ ಬ್ಯಾಂಕ್ ಗ್ರಾಮೀಣ ಸ್ವ ಉದ್ಯೋಗ ತರಬೇತಿ ಸಂಸ್ಥೆಯಲ್ಲಿ ಏಪ್ರಿಲ್ 6 ರಿಂದ ಮೇ 5 ರವರೆಗೆ 30 ದಿನಗಳ ಕಾಲ ಉಚಿತ ಬ್ಯೂಟಿ ಪಾರ್ಲರ್ ತರಬೇತಿ ನಡೆಯಲಿದ್ದು, ಆಸಕ್ತ ಗ್ರಾಮೀಣ ಯುವತಿಯರಿಂದ ಅರ್ಜಿ ಆಹ್ವಾನಿಸಲಾಗಿದೆ. ತರಬೇತಿ ಅವಧಿಯಲ್ಲಿ ಉಚಿತ ಊಟ ಮತ್ತು ವಸತಿ ಸೌಲಭ್ಯ ಒದಗಿಸಲಾಗುವುದು. 18 ರಿಂದ 45 ವರ್ಷ ವಯೋಮಾನದ ಗ್ರಾಮೀಣ ಭಾಗದ ಬಿಪಿಎಲ್ ಪಡಿತರ ಚೀಟಿ ಹೊಂದಿರುವ ಅಭ್ಯರ್ಥಿಗಳು ಅರ್ಜಿ ಸಲ್ಲಿಸಬಹುದು. ಆಸಕ್ತ ಅಭ್ಯರ್ಥಿಗಳು ಮಾರ್ಚ್ 23 ರ ಒಳಗಾಗಿ ಅರ್ಜಿ ಸಲ್ಲಿಸಬೇಕು. ಹೆಚ್ಚಿನ ಮಾಹಿತಿಗಾಗಿ ದೂರವಾಣಿ ಸಂಖ್ಯೆ: 8970476050, 6363139123, 9591514754, 9686248369 ಮತ್ತು 9505894247 ಗೆ ಸಂಪರ್ಕಿಸಬಹುದು ಎಂದು ಕೆನರಾ ಬ್ಯಾಂಕ್ ಗ್ರಾಮೀಣ ಸ್ವ ಉದ್ಯೋಗ ತರಬೇತಿ ಸಂಸ್ಥೆಯ ನಿರ್ದೇಶಕರು ಪ್ರಕಟಣೆಯಲ್ಲಿ ತಿಳಿಸಿದ್ದಾರೆ.
ಆರೋಗ್ಯ ರಕ್ಷಣೆ ಕುರಿತು ಜನ ಜಾಗೃತಿ
ಬೆಂಗಳೂರು: ಅಂತರರಾಷ್ಟ್ರೀಯ ಮಹಿಳಾ ದಿನದ ಹಿನ್ನೆಲೆಯಲ್ಲಿ ಗುಣಮಟ್ಟದ ಆರೋಗ್ಯ ಮತ್ತು ಪೋಷಣೆ ಹಾಗೂ ಸ್ವಚ್ಛತೆ ಕುರಿತು ಜನ ಜಾಗೃತಿ ಮೂಡಿಸಲಾಯಿತು. ಕ್ಯಾನ್ಸರ್ ಕೇರ್ ಫೌಂಡೇಶನ್ ದಕ್ಷಿಣ ವಲಯ–1 ಮತ್ತು ಗ್ರೀನ್ ಇಂಡಿಯಾ ಟ್ರಸ್ಟ್ ವತಿಯಿಂದ ವಿಶ್ವ ಮಹಿಳಾ ದಿನಾಚರಣೆಯನ್ನು ಆಚರಿಸಲಾಯಿತು. ಕಾರ್ಯಕ್ರಮದಲ್ಲಿ ವಲಯದ ಮಹಿಳೆಯರು ಭಾಗವಹಿಸಿದ್ದರು.
ಪಡೆಯಬೇಕು ಎಂದು ಕರೆ ನೀಡಿದರು. ಡಾ. ಸಣ್ಣ ಮಹಿಳೆಯರು ಹೆಣ್ಣು ಮಕ್ಕಳು ಆರೋಗ್ಯ ರಕ್ಷಣೆಗೆ ಹೆಚ್ಚು ಆದ್ಯತೆ ನೀಡಬೇಕು. ಗುಣಮಟ್ಟದ ಆಹಾರ, ವಿಶ್ರಾಂತಿ ಹಾಗೂ ನಿಯಮಿತ ಆರೋಗ್ಯ ತಪಾಸಣೆ ಅತ್ಯಗತ್ಯ ಎಂದು ಅವರು ತಿಳಿಸಿದರು. ಹಲವು ಸಂಘ–ಸಂಸ್ಥೆಗಳ ಪ್ರತಿನಿಧಿಗಳು ಮತ್ತು ಮಹಿಳೆಯರು ಕಾರ್ಯಕ್ರಮದಲ್ಲಿ ಭಾಗವಹಿಸಿದ್ದರು.
ಉಚಿತವಾಗಿ ಮಹಿಳೆಯರಿಗೆ 15 ಇ-ಆಟೋ ವಿತರಣೆ
ಬೆಂಗಳೂರು: ಅಂತರರಾಷ್ಟ್ರೀಯ ಮಹಿಳಾ ದಿನದ ಅಂಗವಾಗಿ ಲಯನ್ಸ್ ಡಿಸ್ಟ್ರಿಕ್ಟ್ 317ಎಫ್ ನಿಂದ ಸಂಕಷ್ಟದಲ್ಲಿರುವ ಮಹಿಳೆಯರು ಸ್ವಾವಲಂಬಿ ಬದುಕು ನಡೆಸಲು ಅನುಕೂಲವಾಗುವಂತೆ 15 ಇ–ಆಟೋ ರಿಕ್ಷಾಗಳನ್ನು ವಿತರಿಸಲಾಯಿತು. ಲಯನ್ಸ್ ಡಿಸ್ಟ್ರಿಕ್ಟ್ ಗವರ್ನರ್ ಎಸ್. ಸುಧೀರ್ ಅವರ ನೇತೃತ್ವದಲ್ಲಿ ನಗರದ ಸುರ್ವೋರ್ ಭವನದಲ್ಲಿ ನಡೆದ ಕಾರ್ಯಕ್ರಮದಲ್ಲಿ ಮಹಿಳಾ ಫಲಾನುಭವಿಗಳಿಗೆ ಇ–ಆಟೋಗಳನ್ನು ಹಸ್ತಾಂತರಿಸಲಾಯಿತು.
ಉದ್ಯೋಗದಿಂದ ಚಾಲನಾ ತರಬೇತಿ ಪಡೆದ ಮಹಿಳಾ ಫಲಾನುಭವಿಗಳನ್ನು ಆಯ್ಕೆ ಮಾಡಿ ಇ–ಆಟೋ ರಿಕ್ಷಾಗಳನ್ನು ನೀಡಲಾಯಿತು. ಮಾಜಿ ಗವರ್ನರ್ ಲಯನ್ ಎಸ್. ರಮೇಶ್, ಮಾರ್ಗದರ್ಶಿಗಳು ಕಾರ್ಯಕ್ರಮದಲ್ಲಿ ಭಾಗವಹಿಸಿದ್ದರು. ಇ–ಆಟೋ ನಿರ್ವಹಣೆ ಕುರಿತು ಫಲಾನುಭವಿಗಳಿಗೆ ಮಾಹಿತಿ ನೀಡಲಾಯಿತು. ಮಹಿಳೆಯರು ಆರ್ಥಿಕವಾಗಿ ಸ್ವಾವಲಂಬಿಗಳಾಗಲು ಈ ಯೋಜನೆ ಸಹಕಾರಿಯಾಗಲಿದೆ ಎಂದು ಲಯನ್ಸ್ ಸಂಸ್ಥೆಯ ಪದಾಧಿಕಾರಿಗಳು ತಿಳಿಸಿದರು. ಕಾರ್ಯಕ್ರಮದಲ್ಲಿ ಮುಂದಿನ ವರ್ಷಗಳಲ್ಲೂ ಇಂತಹ ಯೋಜನೆಗಳನ್ನು ಮುಂದುವರಿಸುವುದಾಗಿ ಪ್ರಕಟಿಸಲಾಯಿತು.
ರೋಗಿಗಳಿಗೆ ಕಿಡ್ನಿ ಟ್ರಾನ್ಸ್‌ಪ್ಲಾಂಟ್ ಯಶಸ್ವಿ
ಕೆಆರ್ ಪುರ: ಕ್ಯಾಡವರ್ ದಾನ (ಅಂಗಾಂಗ ದಾನ) ಮೂಲಕ ಇಬ್ಬರು ಎಂಡ್–ಸ್ಟೇಜ್ ಮೂತ್ರಪಿಂಡ ವೈಫಲ್ಯ ರೋಗಿಗಳಿಗೆ ಯಶಸ್ವಿಯಾಗಿ ಕಿಡ್ನಿ ಟ್ರಾನ್ಸ್‌ಪ್ಲಾಂಟ್ ಶಸ್ತ್ರಚಿಕಿತ್ಸೆ ನಡೆಸಿ ಹೊಸ ಜೀವನ ನೀಡಲಾಗಿದೆ ಎಂದು ಮೆಡಿಕವರ್ ಆಸ್ಪತ್ರೆಯ ವೈದ್ಯರು ತಿಳಿಸಿದ್ದಾರೆ. ವೈಟ್‌ಫೀಲ್ಡ್ ಮೆಡಿಕವರ್ ಆಸ್ಪತ್ರೆಯಲ್ಲಿ ಆಯೋಜಿಸಿದ್ದ ಪತ್ರಿಕಾಗೋಷ್ಠಿಯಲ್ಲಿ ಮಾತನಾಡಿದ ಆಸ್ಪತ್ರೆಯ ಮುಖ್ಯಸ್ಥರು, ಅಂಗಾಂಗ ದಾನದ ಮಹತ್ವದ ಬಗ್ಗೆ ಜಾಗೃತಿ ಮೂಡಿಸಿದರು. ಕ್ಯಾಡವರ್ ದಾನ (ಅಂಗಾಂಗ ದಾನ) ಮೂಲಕ ಲಭ್ಯವಾದ ಎರಡು ಕಿಡ್ನಿಗಳನ್ನು ಇಬ್ಬರು ರೋಗಿಗಳಿಗೆ ಜೋಡಿಸಲಾಗಿದೆ. ಎಂದು ಹೇಳಿದರು. ಮೊದಲ ರೋಗಿ 62 ವರ್ಷದವರು ಹಾಗೂ ಎರಡನೇ ರೋಗಿ 41 ವರ್ಷದವರಾಗಿದ್ದು, ಇಬ್ಬರೂ ಚೇತರಿಸಿಕೊಂಡಿದ್ದಾರೆ. ಹಲವು ವರ್ಷಗಳಿಂದ ಡಯಾಲಿಸಿಸ್ ಚಿಕಿತ್ಸೆ ಪಡೆಯುತ್ತಿದ್ದ ರೋಗಿಗಳಿಗೆ ಈ ಶಸ್ತ್ರಚಿಕಿತ್ಸೆ ಹೊಸ ಜೀವನ ನೀಡಿದೆ ಎಂದು ವೈದ್ಯರು ತಿಳಿಸಿದರು. ಪತ್ರಿಕಾಗೋಷ್ಠಿಯಲ್ಲಿ ಡಾ. ಹಂಸಾ ಬಾಬು, ಡಾ. ರಾಜೇಶ್, ಡಾ. ನಿತ್ಯ ಅವರುಗಳು ಉಪಸ್ಥಿತರಿದ್ದರು.
ಬ್ಯಾಂಕ್‌ಗಳು ಫಲಾನುಭವಿಗಳಿಗೆ ಸಾಲ ಸೌಲಭ್ಯಗಳನ್ನು ಒದಗಿಸಬೇಕು
ಕೋಲಾರ: 'ಕೇಂದ್ರ ಪ್ರಾಯೋಜಿತ ಕಾರ್ಯಕ್ರಮಗಳಿಗೆ ಸಂಬಂಧಿಸಿದ ಸಾಲ ಸೌಲಭ್ಯಗಳನ್ನು ಬ್ಯಾಂಕ್‌ಗಳು ಫಲಾನುಭವಿಗಳಿಗೆ ವಿಳಂಬವಿಲ್ಲದೆ ಒದಗಿಸಬೇಕು' ಎಂದು ಜಿಲ್ಲಾ ಪಂಚಾಯತ್ ಮುಖ್ಯ ಕಾರ್ಯನಿರ್ವಾಹಕ ಅಧಿಕಾರಿ ಡಾ. ಪ್ರವೀಣ್ ಪಿ. ಬಾಗೇವಾಡಿ ಅವರು ಬ್ಯಾಂಕ್ ಅಧಿಕಾರಿಗಳಿಗೆ ಸೂಚನೆ ನೀಡಿದರು. ನಗರದ ಜಿಲ್ಲಾ ಪಂಚಾಯತ್ ಸಭಾಂಗಣದಲ್ಲಿ ನಡೆದ ಲೀಡ್ ಬ್ಯಾಂಕ್ ಜಿಲ್ಲಾ ಮಟ್ಟದ ಪರಿಶೀಲನಾ ಸಮಿತಿ ಸಭೆಯ ಅಧ್ಯಕ್ಷತೆ ವಹಿಸಿ ಅವರು ಮಾತನಾಡಿದರು. 'ಕೋಲಾರ ಜಿಲ್ಲೆಯಲ್ಲಿ ಕೃಷಿ, ಹೈನುಗಾರಿಕೆ, ರೇಷ್ಮೆ ಹಾಗೂ ಸಣ್ಣ ಉದ್ಯಮಗಳಿಗೆ ಹೆಚ್ಚಿನ ಸಾಲ ನೀಡುವ ಮೂಲಕ ಆರ್ಥಿಕ ಚಟುವಟಿಕೆಗಳಿಗೆ ಉತ್ತೇಜನ ನೀಡಬೇಕು' ಎಂದರು. ಬ್ಯಾಂಕ್‌ಗಳು ನಿಗದಿತ ಗುರಿ ಸಾಧಿಸಲು ಕ್ರಮ ಕೈಗೊಳ್ಳಬೇಕು. ಕೇಂದ್ರ ಮತ್ತು ರಾಜ್ಯ ಸರ್ಕಾರದ ಯೋಜನೆಗಳ ಕುರಿತು ಬ್ಯಾಂಕ್ ಶಾಖೆಗಳಲ್ಲಿ ಜಾಗೃತಿ ಮೂಡಿಸಬೇಕು ಎಂದು ತಿಳಿಸಿದರು.
ನಂತರದಿಂದ ವಿವಿಧ ಯೋಜನೆಗಳ ಪ್ರಗತಿ ಪರಿಶೀಲನೆ ನಡೆಸಲಾಯಿತು. ಕೃಷಿ, ಪಶುಸಂಗೋಪನೆ, ತೋಟಗಾರಿಕೆ, ಜಲಾನಯನ ಅಭಿವೃದ್ಧಿ ಸೇರಿದಂತೆ ವಿವಿಧ ಇಲಾಖೆಗಳ ಯೋಜನೆಗಳ ಅಡಿಯಲ್ಲಿ ನೀಡಲಾದ ಸಾಲಗಳ ಕುರಿತು ಚರ್ಚಿಸಲಾಯಿತು. ಪ್ರಧಾನಮಂತ್ರಿ ಉದ್ಯೋಗ ಸೃಜನ ಕಾರ್ಯಕ್ರಮ, ಮುದ್ರಾ ಯೋಜನೆ, ಸ್ಟ್ಯಾಂಡ್‌ಅಪ್ ಇಂಡಿಯಾ, ಪಿಎಂ ಸ್ವನಿಧಿ ಮುಂತಾದ ಯೋಜನೆಗಳ ಅಡಿಯಲ್ಲಿ ಸಾಲ ವಿತರಣೆ ಪ್ರಗತಿ ಪರಿಶೀಲಿಸಲಾಯಿತು. ಪ್ರಧಾನ ಮಂತ್ರಿ ಸುರಕ್ಷಾ ಬಿಮಾ ಯೋಜನೆ, ಜೀವನ ಜ್ಯೋತಿ ಬಿಮಾ ಯೋಜನೆ ಹಾಗೂ ಅಟಲ್ ಪಿಂಚಣಿ ಯೋಜನೆಗಳ ಕುರಿತು ಜನರಲ್ಲಿ ಜಾಗೃತಿ ಮೂಡಿಸಬೇಕು. ಸಭೆಯಲ್ಲಿ ಲೀಡ್ ಬ್ಯಾಂಕ್ ವ್ಯವಸ್ಥಾಪಕರು, ನಬಾರ್ಡ್ ಅಧಿಕಾರಿಗಳು, ವಿವಿಧ ಬ್ಯಾಂಕ್‌ಗಳ ಅಧಿಕಾರಿಗಳು ಹಾಗೂ ಇಲಾಖಾ ಅಧಿಕಾರಿಗಳು ಉಪಸ್ಥಿತರಿದ್ದರು.
